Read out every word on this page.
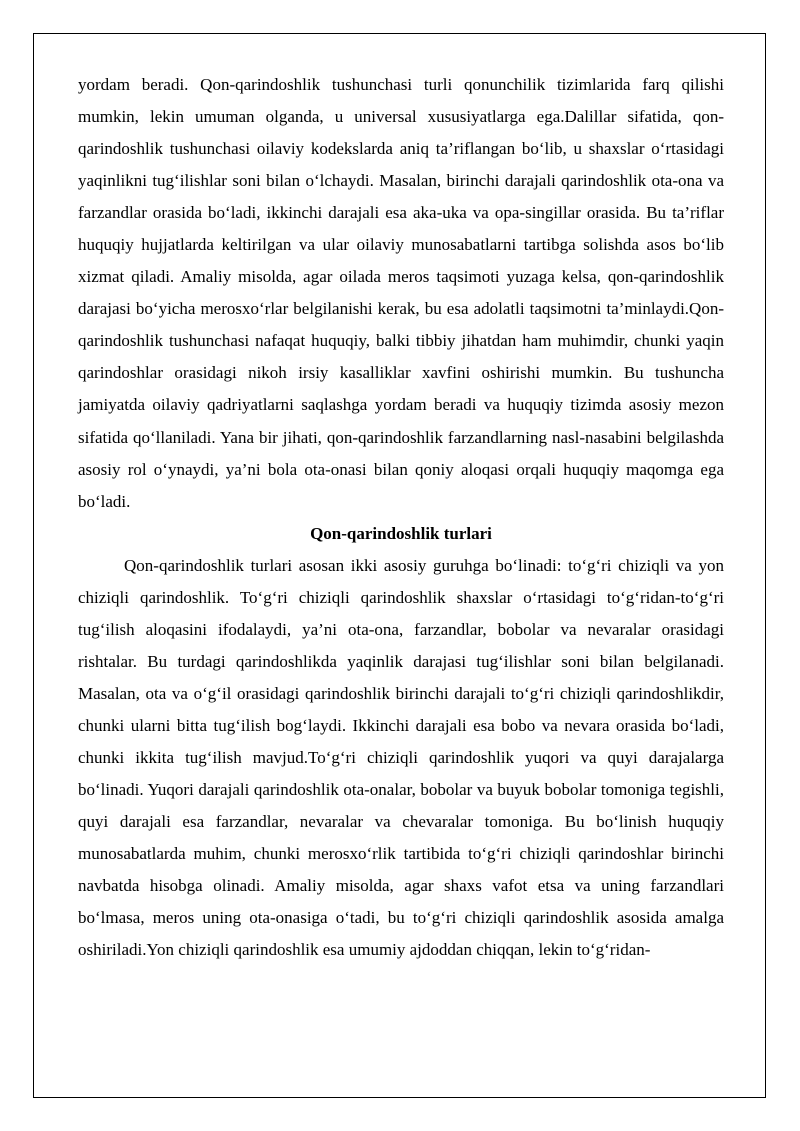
yordam beradi. Qon-qarindoshlik tushunchasi turli qonunchilik tizimlarida farq qilishi mumkin, lekin umuman olganda, u universal xususiyatlarga ega.Dalillar sifatida, qon-qarindoshlik tushunchasi oilaviy kodekslarda aniq ta’riflangan bo‘lib, u shaxslar o‘rtasidagi yaqinlikni tug‘ilishlar soni bilan o‘lchaydi. Masalan, birinchi darajali qarindoshlik ota-ona va farzandlar orasida bo‘ladi, ikkinchi darajali esa aka-uka va opa-singillar orasida. Bu ta’riflar huquqiy hujjatlarda keltirilgan va ular oilaviy munosabatlarni tartibga solishda asos bo‘lib xizmat qiladi. Amaliy misolda, agar oilada meros taqsimoti yuzaga kelsa, qon-qarindoshlik darajasi bo‘yicha merosxo‘rlar belgilanishi kerak, bu esa adolatli taqsimotni ta’minlaydi.Qon-qarindoshlik tushunchasi nafaqat huquqiy, balki tibbiy jihatdan ham muhimdir, chunki yaqin qarindoshlar orasidagi nikoh irsiy kasalliklar xavfini oshirishi mumkin. Bu tushuncha jamiyatda oilaviy qadriyatlarni saqlashga yordam beradi va huquqiy tizimda asosiy mezon sifatida qo‘llaniladi. Yana bir jihati, qon-qarindoshlik farzandlarning nasl-nasabini belgilashda asosiy rol o‘ynaydi, ya’ni bola ota-onasi bilan qoniy aloqasi orqali huquqiy maqomga ega bo‘ladi.

Qon-qarindoshlik turlari

Qon-qarindoshlik turlari asosan ikki asosiy guruhga bo‘linadi: to‘g‘ri chiziqli va yon chiziqli qarindoshlik. To‘g‘ri chiziqli qarindoshlik shaxslar o‘rtasidagi to‘g‘ridan-to‘g‘ri tug‘ilish aloqasini ifodalaydi, ya’ni ota-ona, farzandlar, bobolar va nevaralar orasidagi rishtalar. Bu turdagi qarindoshlikda yaqinlik darajasi tug‘ilishlar soni bilan belgilanadi. Masalan, ota va o‘g‘il orasidagi qarindoshlik birinchi darajali to‘g‘ri chiziqli qarindoshlikdir, chunki ularni bitta tug‘ilish bog‘laydi. Ikkinchi darajali esa bobo va nevara orasida bo‘ladi, chunki ikkita tug‘ilish mavjud.To‘g‘ri chiziqli qarindoshlik yuqori va quyi darajalarga bo‘linadi. Yuqori darajali qarindoshlik ota-onalar, bobolar va buyuk bobolar tomoniga tegishli, quyi darajali esa farzandlar, nevaralar va chevaralar tomoniga. Bu bo‘linish huquqiy munosabatlarda muhim, chunki merosxo‘rlik tartibida to‘g‘ri chiziqli qarindoshlar birinchi navbatda hisobga olinadi. Amaliy misolda, agar shaxs vafot etsa va uning farzandlari bo‘lmasa, meros uning ota-onasiga o‘tadi, bu to‘g‘ri chiziqli qarindoshlik asosida amalga oshiriladi.Yon chiziqli qarindoshlik esa umumiy ajdoddan chiqqan, lekin to‘g‘ridan-
